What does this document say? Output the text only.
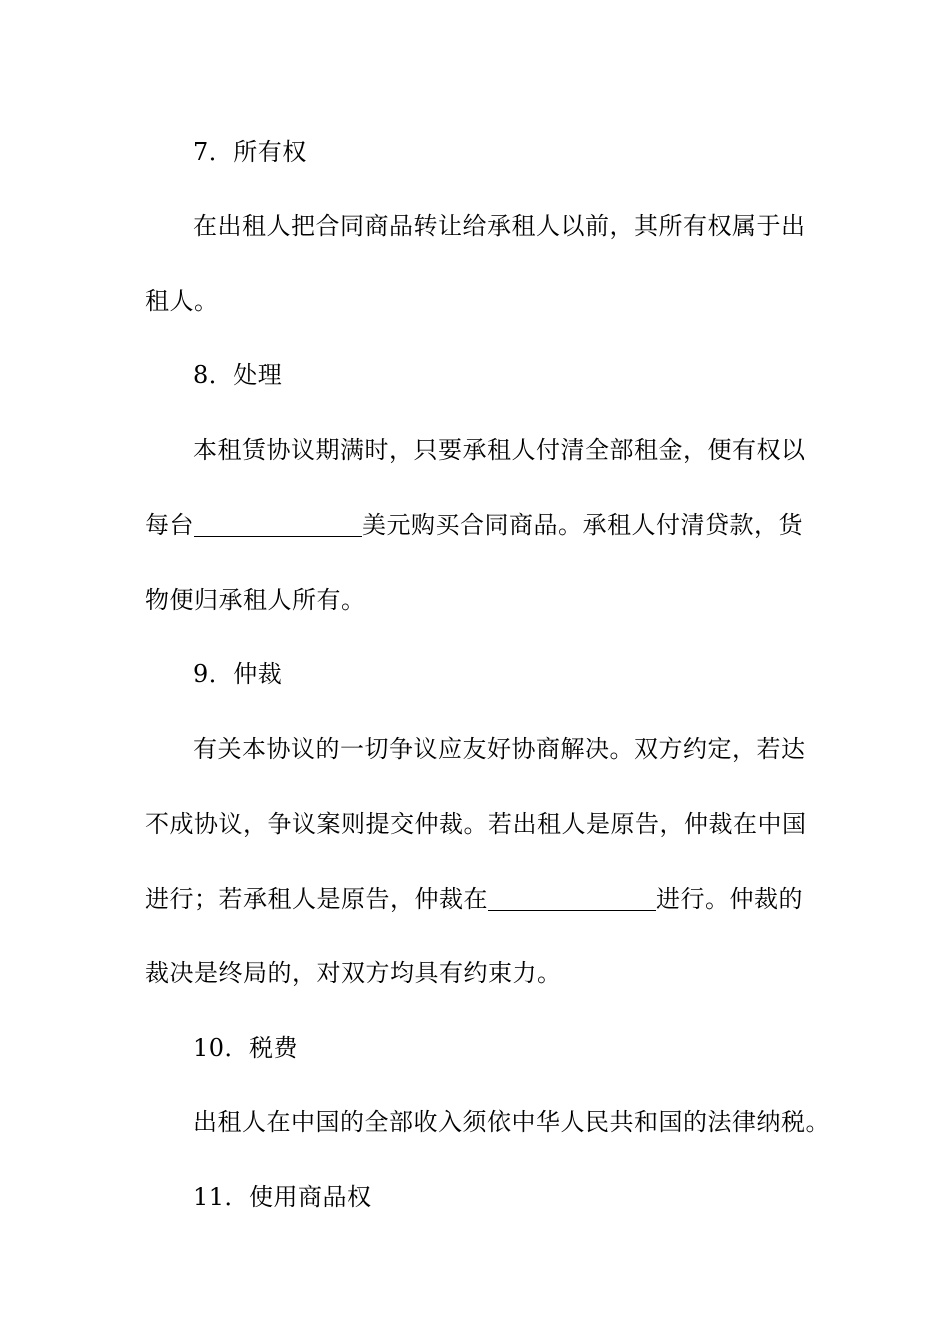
7．所有权
在出租人把合同商品转让给承租人以前，其所有权属于出
租人。
8．处理
本租赁协议期满时，只要承租人付清全部租金，便有权以
每台	美元购买合同商品。承租人付清贷款，货
物便归承租人所有。
9．仲裁
有关本协议的一切争议应友好协商解决。双方约定，若达
不成协议，争议案则提交仲裁。若出租人是原告，仲裁在中国
进行；若承租人是原告，仲裁在	进行。仲裁的
裁决是终局的，对双方均具有约束力。
10．税费
出租人在中国的全部收入须依中华人民共和国的法律纳税。
11．使用商品权
